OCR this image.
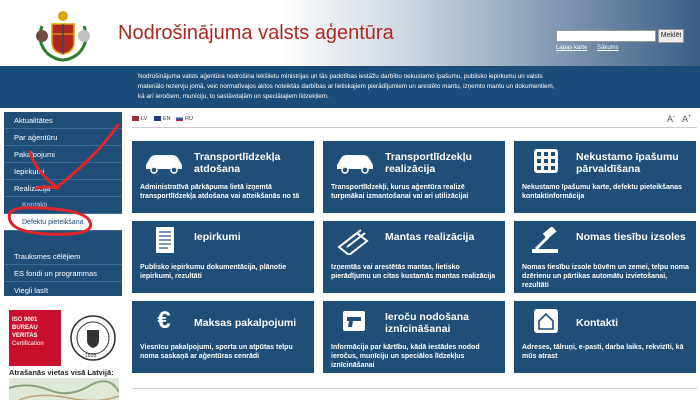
Nodrošinājuma valsts aģentūra	Meklēt
Lapas karte Sākums
Nodrošinājuma valsts aģentūra nodrošina Iekšlietu ministrijas un tās padotības iestāžu darbību nekustamo īpašumu, publisko iepirkumu un valsts materiālo rezervju jomā, veic normatīvajos aktos noteiktās darbības ar lietiskajiem pierādījumiem un arestēto mantu, izņemto mantu un dokumentiem, kā arī ieročiem, munīciju, to sastāvdaļām un speciālajiem līdzekļiem.
Aktualitātes
Par aģentūru
Pakalpojumi
Iepirkumi
Realizācija
Kontakti
Defektu pieteikšana
Trauksmes cēlējiem
ES fondi un programmas
Viegli lasīt
ISO 9001
BUREAU VERITAS
Certification
1828
Atrašanās vietas visā Latvijā:
LV	EN	RU	A- A+
Transportlīdzekļa atdošana
Administratīvā pārkāpuma lietā izņemtā transportlīdzekļa atdošana vai atteikšanās no tā
Transportlīdzekļu realizācija
Transportlīdzekļi, kurus aģentūra realizē turpmākai izmantošanai vai ari utilizācijai
Nekustamo īpašumu pārvaldīšana
Nekustamo īpašumu karte, defektu pieteikšanas kontaktinformācija
Iepirkumi
Publisko iepirkumu dokumentācija, plānotie iepirkumi, rezultāti
Mantas realizācija
Izņemtās vai arestētās mantas, lietisko pierādījumu un citas kustamās mantas realizācija
Nomas tiesību izsoles
Nomas tiesību izsole būvēm un zemei, telpu noma dzērienu un pārtikas automātu izvietošanai, rezultāti
€	Maksas pakalpojumi
Viesnīcu pakalpojumi, sporta un atpūtas telpu noma saskaņā ar aģentūras cenrādi
Ieroču nodošana iznīcināšanai
Informācija par kārtību, kādā iestādes nodod ieročus, munīciju un speciālos līdzekļus iznīcināšanai
Kontakti
Adreses, tālruņi, e-pasti, darba laiks, rekvizīti, kā mūs atrast
